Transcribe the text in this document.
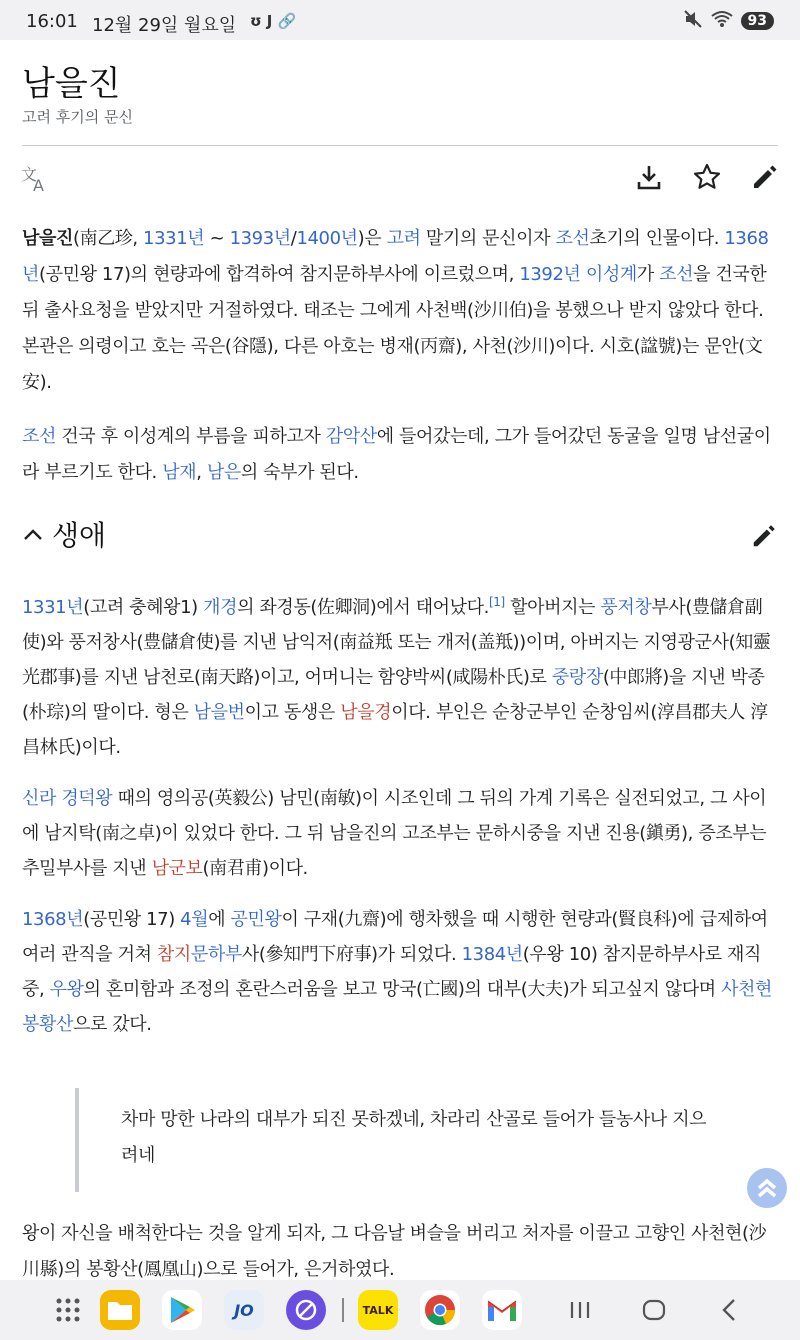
16:01 12월 29일 월요일 ʊ J 🔗	93
남을진
고려 후기의 문신
文
A

남을진(南乙珍, 1331년 ~ 1393년/1400년)은 고려 말기의 문신이자 조선초기의 인물이다. 1368년(공민왕 17)의 현량과에 합격하여 참지문하부사에 이르렀으며, 1392년 이성계가 조선을 건국한 뒤 출사요청을 받았지만 거절하였다. 태조는 그에게 사천백(沙川伯)을 봉했으나 받지 않았다 한다. 본관은 의령이고 호는 곡은(谷隱), 다른 아호는 병재(丙齋), 사천(沙川)이다. 시호(諡號)는 문안(文安).

조선 건국 후 이성계의 부름을 피하고자 감악산에 들어갔는데, 그가 들어갔던 동굴을 일명 남선굴이라 부르기도 한다. 남재, 남은의 숙부가 된다.

생애

1331년(고려 충혜왕1) 개경의 좌경동(佐卿洞)에서 태어났다.[1] 할아버지는 풍저창부사(豊儲倉副使)와 풍저창사(豊儲倉使)를 지낸 남익저(南益羝 또는 개저(盖羝))이며, 아버지는 지영광군사(知靈光郡事)를 지낸 남천로(南天路)이고, 어머니는 함양박씨(咸陽朴氏)로 중랑장(中郎將)을 지낸 박종(朴琮)의 딸이다. 형은 남을번이고 동생은 남을경이다. 부인은 순창군부인 순창임씨(淳昌郡夫人 淳昌林氏)이다.

신라 경덕왕 때의 영의공(英毅公) 남민(南敏)이 시조인데 그 뒤의 가계 기록은 실전되었고, 그 사이에 남지탁(南之卓)이 있었다 한다. 그 뒤 남을진의 고조부는 문하시중을 지낸 진용(鎭勇), 증조부는 추밀부사를 지낸 남군보(南君甫)이다.

1368년(공민왕 17) 4월에 공민왕이 구재(九齋)에 행차했을 때 시행한 현량과(賢良科)에 급제하여 여러 관직을 거쳐 참지문하부사(參知門下府事)가 되었다. 1384년(우왕 10) 참지문하부사로 재직 중, 우왕의 혼미함과 조정의 혼란스러움을 보고 망국(亡國)의 대부(大夫)가 되고싶지 않다며 사천현 봉황산으로 갔다.

차마 망한 나라의 대부가 되진 못하겠네, 차라리 산골로 들어가 들농사나 지으려네
왕이 자신을 배척한다는 것을 알게 되자, 그 다음날 벼슬을 버리고 처자를 이끌고 고향인 사천현(沙川縣)의 봉황산(鳳凰山)으로 들어가, 은거하였다.
JO	TALK
